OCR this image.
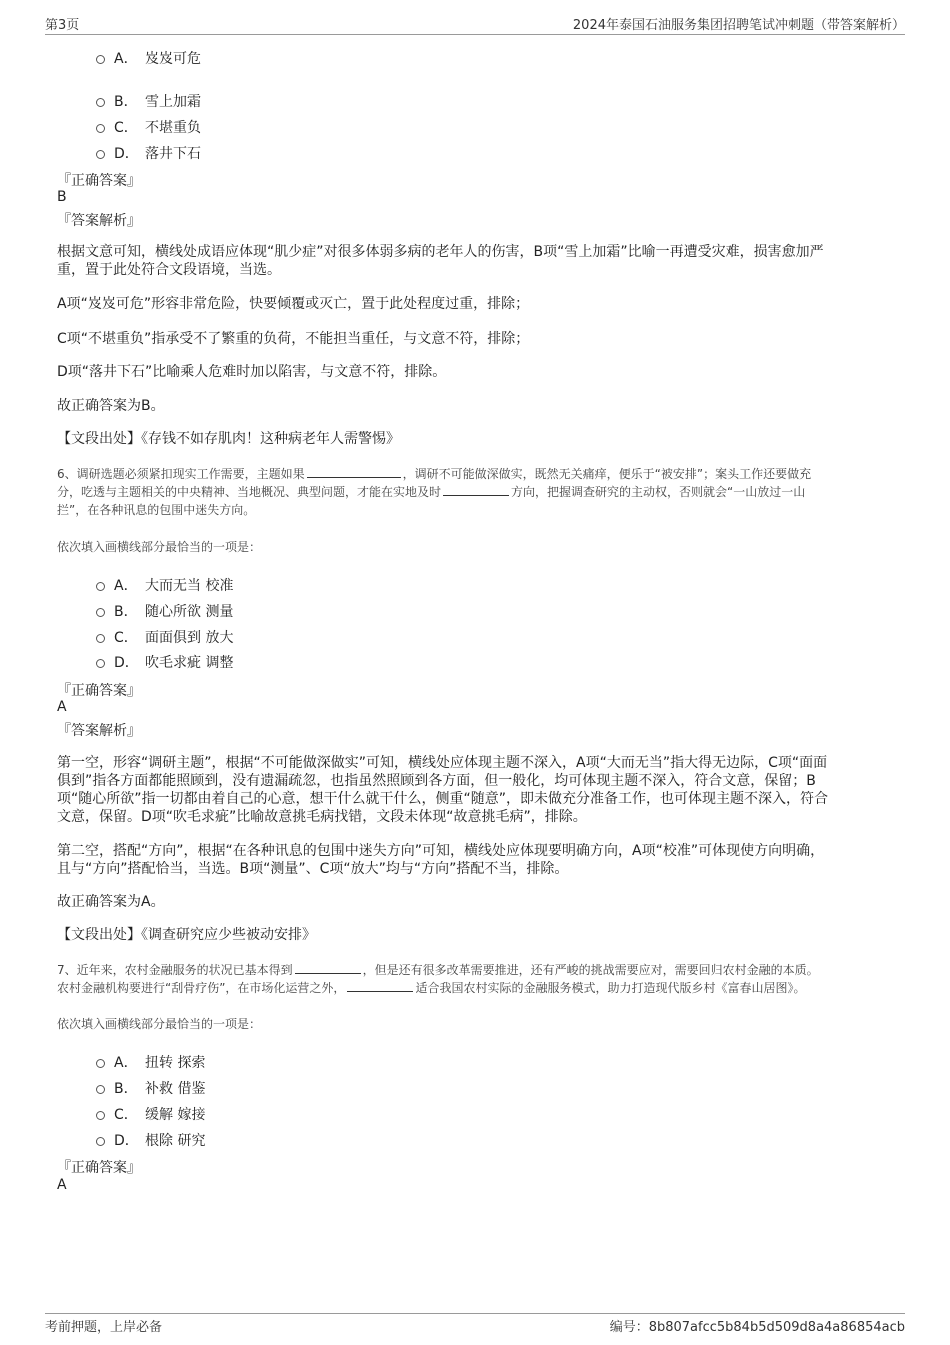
第3页	2024年泰国石油服务集团招聘笔试冲刺题（带答案解析）
A． 岌岌可危
B． 雪上加霜
C． 不堪重负
D． 落井下石
『正确答案』
B
『答案解析』
根据文意可知，横线处成语应体现“肌少症”对很多体弱多病的老年人的伤害，B项“雪上加霜”比喻一再遭受灾难，损害愈加严
重，置于此处符合文段语境，当选。
A项“岌岌可危”形容非常危险，快要倾覆或灭亡，置于此处程度过重，排除；
C项“不堪重负”指承受不了繁重的负荷，不能担当重任，与文意不符，排除；
D项“落井下石”比喻乘人危难时加以陷害，与文意不符，排除。
故正确答案为B。
【文段出处】《存钱不如存肌肉！这种病老年人需警惕》
6、调研选题必须紧扣现实工作需要，主题如果	，调研不可能做深做实，既然无关痛痒，便乐于“被安排”；案头工作还要做充
分，吃透与主题相关的中央精神、当地概况、典型问题，才能在实地及时	方向，把握调查研究的主动权，否则就会“一山放过一山
拦”，在各种讯息的包围中迷失方向。
依次填入画横线部分最恰当的一项是：
A． 大而无当 校准
B． 随心所欲 测量
C． 面面俱到 放大
D． 吹毛求疵 调整
『正确答案』
A
『答案解析』
第一空，形容“调研主题”，根据“不可能做深做实”可知，横线处应体现主题不深入，A项“大而无当”指大得无边际，C项“面面
俱到”指各方面都能照顾到，没有遗漏疏忽，也指虽然照顾到各方面，但一般化，均可体现主题不深入，符合文意，保留；B
项“随心所欲”指一切都由着自己的心意，想干什么就干什么，侧重“随意”，即未做充分准备工作，也可体现主题不深入，符合
文意，保留。D项“吹毛求疵”比喻故意挑毛病找错，文段未体现“故意挑毛病”，排除。
第二空，搭配“方向”，根据“在各种讯息的包围中迷失方向”可知，横线处应体现要明确方向，A项“校准”可体现使方向明确，
且与“方向”搭配恰当，当选。B项“测量”、C项“放大”均与“方向”搭配不当，排除。
故正确答案为A。
【文段出处】《调查研究应少些被动安排》
7、近年来，农村金融服务的状况已基本得到	，但是还有很多改革需要推进，还有严峻的挑战需要应对，需要回归农村金融的本质。
农村金融机构要进行“刮骨疗伤”，在市场化运营之外，	适合我国农村实际的金融服务模式，助力打造现代版乡村《富春山居图》。
依次填入画横线部分最恰当的一项是：
A． 扭转 探索
B． 补救 借鉴
C． 缓解 嫁接
D． 根除 研究
『正确答案』
A
考前押题，上岸必备	编号：8b807afcc5b84b5d509d8a4a86854acb
